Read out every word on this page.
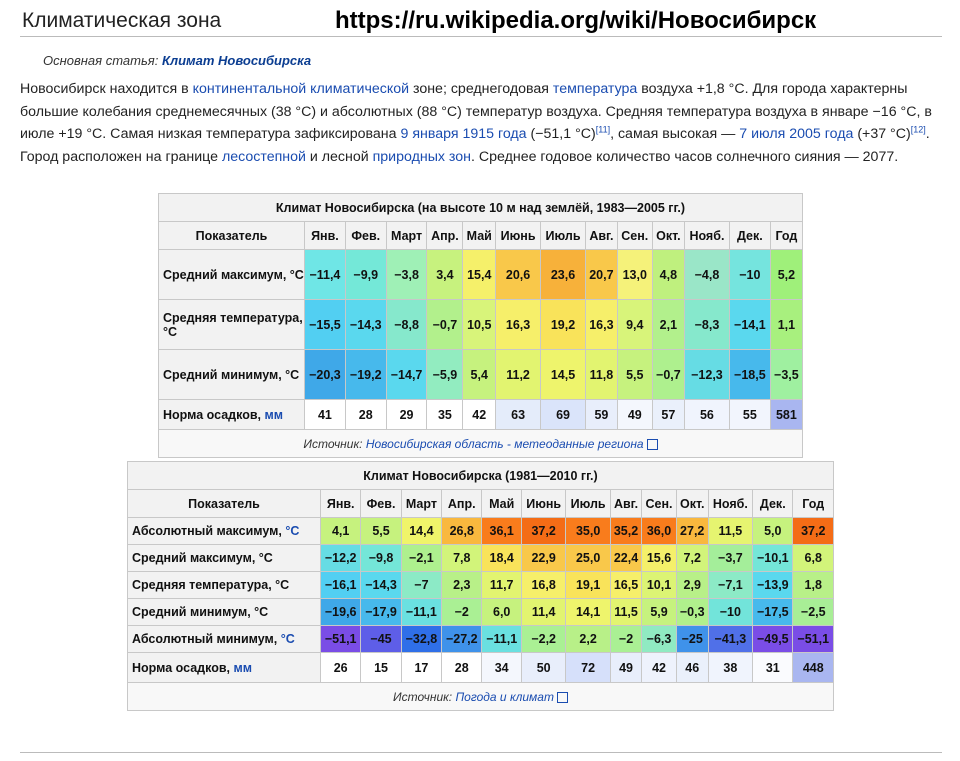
Климатическая зона	https://ru.wikipedia.org/wiki/Новосибирск
Основная статья: Климат Новосибирска
Новосибирск находится в континентальной климатической зоне; среднегодовая температура воздуха +1,8 °C. Для города характерны большие колебания среднемесячных (38 °C) и абсолютных (88 °C) температур воздуха. Средняя температура воздуха в январе −16 °C, в июле +19 °C. Самая низкая температура зафиксирована 9 января 1915 года (−51,1 °C)[11], самая высокая — 7 июля 2005 года (+37 °C)[12]. Город расположен на границе лесостепной и лесной природных зон. Среднее годовое количество часов солнечного сияния — 2077.
Климат Новосибирска (на высоте 10 м над землёй, 1983—2005 гг.)													
Показатель	Янв.	Фев.	Март	Апр.	Май	Июнь	Июль	Авг.	Сен.	Окт.	Нояб.	Дек.	Год
Средний максимум, °C	−11,4	−9,9	−3,8	3,4	15,4	20,6	23,6	20,7	13,0	4,8	−4,8	−10	5,2
Средняя температура, °C	−15,5	−14,3	−8,8	−0,7	10,5	16,3	19,2	16,3	9,4	2,1	−8,3	−14,1	1,1
Средний минимум, °C	−20,3	−19,2	−14,7	−5,9	5,4	11,2	14,5	11,8	5,5	−0,7	−12,3	−18,5	−3,5
Норма осадков, мм	41	28	29	35	42	63	69	59	49	57	56	55	581
Источник: Новосибирская область - метеоданные региона													
Климат Новосибирска (1981—2010 гг.)													
Показатель	Янв.	Фев.	Март	Апр.	Май	Июнь	Июль	Авг.	Сен.	Окт.	Нояб.	Дек.	Год
Абсолютный максимум, °C	4,1	5,5	14,4	26,8	36,1	37,2	35,0	35,2	36,0	27,2	11,5	5,0	37,2
Средний максимум, °C	−12,2	−9,8	−2,1	7,8	18,4	22,9	25,0	22,4	15,6	7,2	−3,7	−10,1	6,8
Средняя температура, °C	−16,1	−14,3	−7	2,3	11,7	16,8	19,1	16,5	10,1	2,9	−7,1	−13,9	1,8
Средний минимум, °C	−19,6	−17,9	−11,1	−2	6,0	11,4	14,1	11,5	5,9	−0,3	−10	−17,5	−2,5
Абсолютный минимум, °C	−51,1	−45	−32,8	−27,2	−11,1	−2,2	2,2	−2	−6,3	−25	−41,3	−49,5	−51,1
Норма осадков, мм	26	15	17	28	34	50	72	49	42	46	38	31	448
Источник: Погода и климат													
